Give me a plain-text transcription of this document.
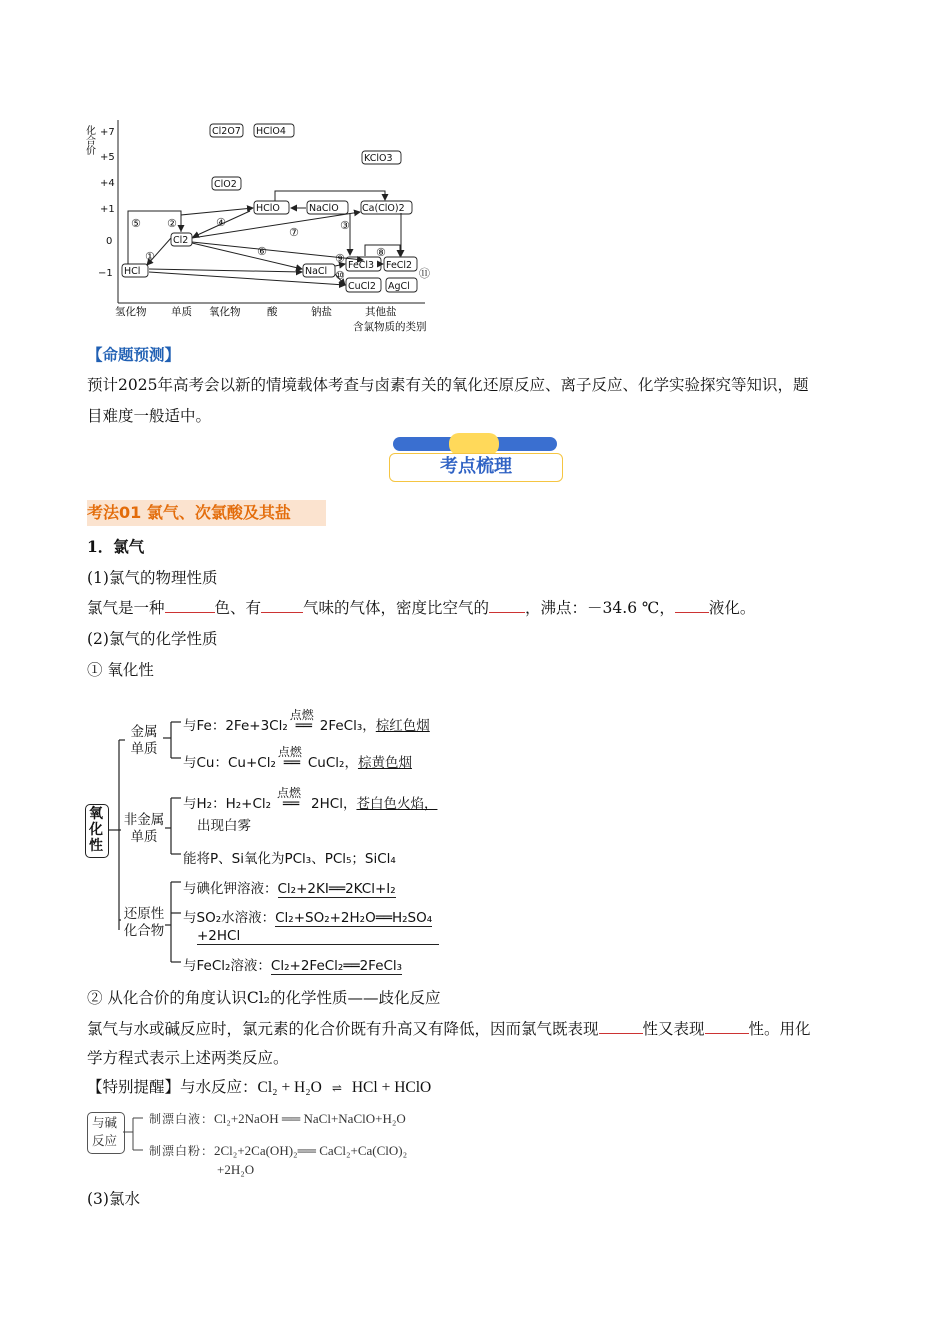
化合价 +7
+5
+4
+1
0
−1
氢化物 单质 氧化物	酸	钠盐	其他盐
含氯物质的类别
Cl2O7 HClO4
KClO3
ClO2
HClO	NaClO Ca(ClO)2
Cl2
HCl	NaCl
FeCl3 FeCl2
CuCl2 AgCl
①
②	③
④
⑤
⑥
⑦
⑧
⑨
⑩	⑪
【命题预测】
预计2025年高考会以新的情境载体考查与卤素有关的氧化还原反应、离子反应、化学实验探究等知识，题
目难度一般适中。
考点梳理
考法01 氯气、次氯酸及其盐
1．氯气
(1)氯气的物理性质
氯气是一种	色、有	气味的气体，密度比空气的 ，沸点：－34.6 ℃， 液化。
(2)氯气的化学性质
① 氧化性
氧化性
金属单质
非金属单质
还原性化合物
与Fe：2Fe+3Cl₂
点燃
══ 2FeCl₃，棕红色烟
与Cu：Cu+Cl₂
点燃
══ CuCl₂，棕黄色烟
与H₂：H₂+Cl₂
点燃
══ 2HCl，苍白色火焰，
出现白雾
能将P、Si氧化为PCl₃、PCl₅；SiCl₄
与碘化钾溶液：Cl₂+2KI══2KCl+I₂
与SO₂水溶液：Cl₂+SO₂+2H₂O══H₂SO₄
+2HCl
与FeCl₂溶液：Cl₂+2FeCl₂══2FeCl₃
② 从化合价的角度认识Cl₂的化学性质——歧化反应
氯气与水或碱反应时，氯元素的化合价既有升高又有降低，因而氯气既表现	性又表现	性。用化
学方程式表示上述两类反应。
【特别提醒】与水反应：Cl₂ + H₂O ⇌ HCl + HClO
与碱反应
制漂白液：Cl₂+2NaOH ══ NaCl+NaClO+H₂O
制漂白粉：2Cl₂+2Ca(OH)₂══ CaCl₂+Ca(ClO)₂
+2H₂O
(3)氯水
